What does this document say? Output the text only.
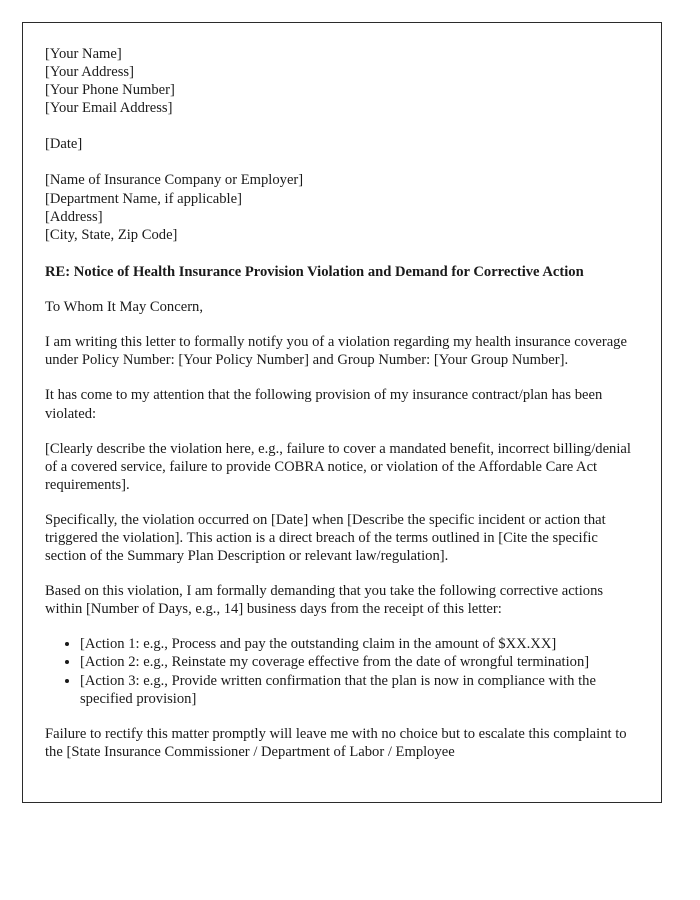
[Your Name]
[Your Address]
[Your Phone Number]
[Your Email Address]
[Date]
[Name of Insurance Company or Employer]
[Department Name, if applicable]
[Address]
[City, State, Zip Code]
RE: Notice of Health Insurance Provision Violation and Demand for Corrective Action
To Whom It May Concern,

I am writing this letter to formally notify you of a violation regarding my health insurance coverage under Policy Number: [Your Policy Number] and Group Number: [Your Group Number].

It has come to my attention that the following provision of my insurance contract/plan has been violated:

[Clearly describe the violation here, e.g., failure to cover a mandated benefit, incorrect billing/denial of a covered service, failure to provide COBRA notice, or violation of the Affordable Care Act requirements].

Specifically, the violation occurred on [Date] when [Describe the specific incident or action that triggered the violation]. This action is a direct breach of the terms outlined in [Cite the specific section of the Summary Plan Description or relevant law/regulation].

Based on this violation, I am formally demanding that you take the following corrective actions within [Number of Days, e.g., 14] business days from the receipt of this letter:

• [Action 1: e.g., Process and pay the outstanding claim in the amount of $XX.XX]
• [Action 2: e.g., Reinstate my coverage effective from the date of wrongful termination]
• [Action 3: e.g., Provide written confirmation that the plan is now in compliance with the specified provision]

Failure to rectify this matter promptly will leave me with no choice but to escalate this complaint to the [State Insurance Commissioner / Department of Labor / Employee
